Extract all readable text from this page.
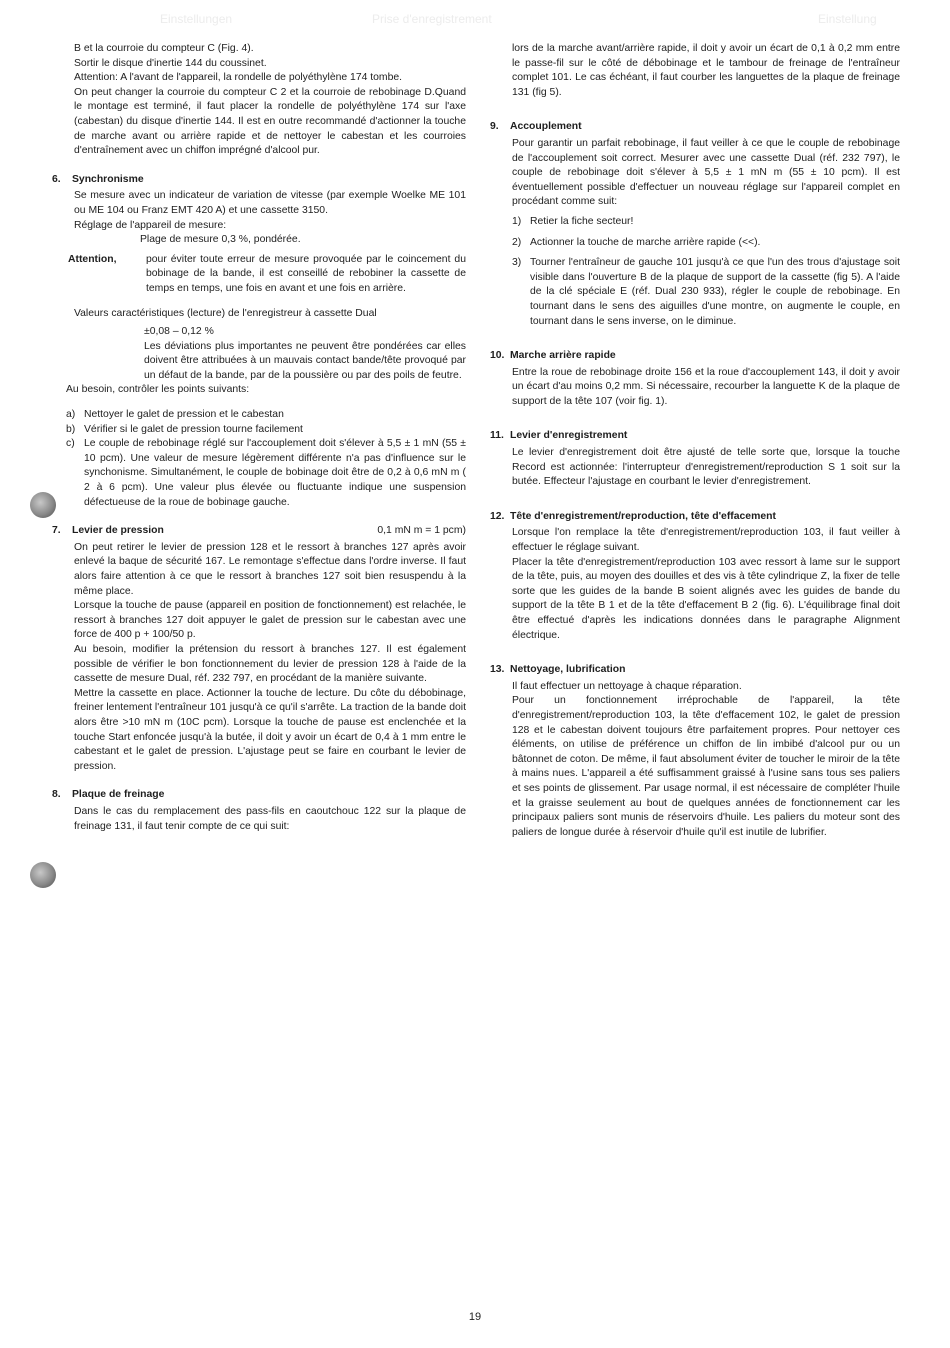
Einstellungen	Prise d'enregistrement	Einstellung

B et la courroie du compteur C (Fig. 4).

Sortir le disque d'inertie 144 du coussinet.

Attention: A l'avant de l'appareil, la rondelle de polyéthylène 174 tombe.

On peut changer la courroie du compteur C 2 et la courroie de rebobinage D.Quand le montage est terminé, il faut placer la rondelle de polyéthylène 174 sur l'axe (cabestan) du disque d'inertie 144. Il est en outre recommandé d'actionner la touche de marche avant ou arrière rapide et de nettoyer le cabestan et les courroies d'entraînement avec un chiffon imprégné d'alcool pur.

6. Synchronisme

Se mesure avec un indicateur de variation de vitesse (par exemple Woelke ME 101 ou ME 104 ou Franz EMT 420 A) et une cassette 3150.

Réglage de l'appareil de mesure:

Plage de mesure 0,3 %, pondérée.

Attention,	pour éviter toute erreur de mesure provoquée par le coincement du bobinage de la bande, il est conseillé de rebobiner la cassette de temps en temps, une fois en avant et une fois en arrière.

Valeurs caractéristiques (lecture) de l'enregistreur à cassette Dual

±0,08 – 0,12 %

Les déviations plus importantes ne peuvent être pondérées car elles doivent être attribuées à un mauvais contact bande/tête provoqué par un défaut de la bande, par de la poussière ou par des poils de feutre.

Au besoin, contrôler les points suivants:

a) Nettoyer le galet de pression et le cabestan
b) Vérifier si le galet de pression tourne facilement
c) Le couple de rebobinage réglé sur l'accouplement doit s'élever à 5,5 ± 1 mN (55 ± 10 pcm). Une valeur de mesure légèrement différente n'a pas d'influence sur le synchonisme. Simultanément, le couple de bobinage doit être de 0,2 à 0,6 mN m ( 2 à 6 pcm). Une valeur plus élevée ou fluctuante indique une suspension défectueuse de la roue de bobinage gauche.
7. Levier de pression	0,1 mN m = 1 pcm)

On peut retirer le levier de pression 128 et le ressort à branches 127 après avoir enlevé la baque de sécurité 167. Le remontage s'effectue dans l'ordre inverse. Il faut alors faire attention à ce que le ressort à branches 127 soit bien resuspendu à la même place.

Lorsque la touche de pause (appareil en position de fonctionnement) est relachée, le ressort à branches 127 doit appuyer le galet de pression sur le cabestan avec une force de 400 p + 100/50 p.

Au besoin, modifier la prétension du ressort à branches 127. Il est également possible de vérifier le bon fonctionnement du levier de pression 128 à l'aide de la cassette de mesure Dual, réf. 232 797, en procédant de la manière suivante.

Mettre la cassette en place. Actionner la touche de lecture. Du côte du débobinage, freiner lentement l'entraîneur 101 jusqu'à ce qu'il s'arrête. La traction de la bande doit alors être >10 mN m (10C pcm). Lorsque la touche de pause est enclenchée et la touche Start enfoncée jusqu'à la butée, il doit y avoir un écart de 0,4 à 1 mm entre le cabestant et le galet de pression. L'ajustage peut se faire en courbant le levier de pression.

8. Plaque de freinage

Dans le cas du remplacement des pass-fils en caoutchouc 122 sur la plaque de freinage 131, il faut tenir compte de ce qui suit:

lors de la marche avant/arrière rapide, il doit y avoir un écart de 0,1 à 0,2 mm entre le passe-fil sur le côté de débobinage et le tambour de freinage de l'entraîneur complet 101. Le cas échéant, il faut courber les languettes de la plaque de freinage 131 (fig 5).

9. Accouplement

Pour garantir un parfait rebobinage, il faut veiller à ce que le couple de rebobinage de l'accouplement soit correct. Mesurer avec une cassette Dual (réf. 232 797), le couple de rebobinage doit s'élever à 5,5 ± 1 mN m (55 ± 10 pcm). Il est éventuellement possible d'effectuer un nouveau réglage sur l'appareil complet en procédant comme suit:

1) Retier la fiche secteur!
2) Actionner la touche de marche arrière rapide (<<).
3) Tourner l'entraîneur de gauche 101 jusqu'à ce que l'un des trous d'ajustage soit visible dans l'ouverture B de la plaque de support de la cassette (fig 5). A l'aide de la clé spéciale E (réf. Dual 230 933), régler le couple de rebobinage. En tournant dans le sens des aiguilles d'une montre, on augmente le couple, en tournant dans le sens inverse, on le diminue.
10. Marche arrière rapide

Entre la roue de rebobinage droite 156 et la roue d'accouplement 143, il doit y avoir un écart d'au moins 0,2 mm. Si nécessaire, recourber la languette K de la plaque de support de la tête 107 (voir fig. 1).

11. Levier d'enregistrement

Le levier d'enregistrement doit être ajusté de telle sorte que, lorsque la touche Record est actionnée: l'interrupteur d'enregistrement/reproduction S 1 soit sur la butée. Effecteur l'ajustage en courbant le levier d'enregistrement.

12. Tête d'enregistrement/reproduction, tête d'effacement

Lorsque l'on remplace la tête d'enregistrement/reproduction 103, il faut veiller à effectuer le réglage suivant.

Placer la tête d'enregistrement/reproduction 103 avec ressort à lame sur le support de la tête, puis, au moyen des douilles et des vis à tête cylindrique Z, la fixer de telle sorte que les guides de la bande B soient alignés avec les guides de bande du support de la tête B 1 et de la tête d'effacement B 2 (fig. 6). L'équilibrage final doit être effectué d'après les indications données dans le paragraphe Alignment électrique.

13. Nettoyage, lubrification

Il faut effectuer un nettoyage à chaque réparation.

Pour un fonctionnement irréprochable de l'appareil, la tête d'enregistrement/reproduction 103, la tête d'effacement 102, le galet de pression 128 et le cabestan doivent toujours être parfaitement propres. Pour nettoyer ces éléments, on utilise de préférence un chiffon de lin imbibé d'alcool pur ou un bâtonnet de coton. De même, il faut absolument éviter de toucher le miroir de la tête à mains nues. L'appareil a été suffisamment graissé à l'usine sans tous ses paliers et ses points de glissement. Par usage normal, il est nécessaire de compléter l'huile et la graisse seulement au bout de quelques années de fonctionnement car les principaux paliers sont munis de réservoirs d'huile. Les paliers du moteur sont des paliers de longue durée à réservoir d'huile qu'il est inutile de lubrifier.

19
